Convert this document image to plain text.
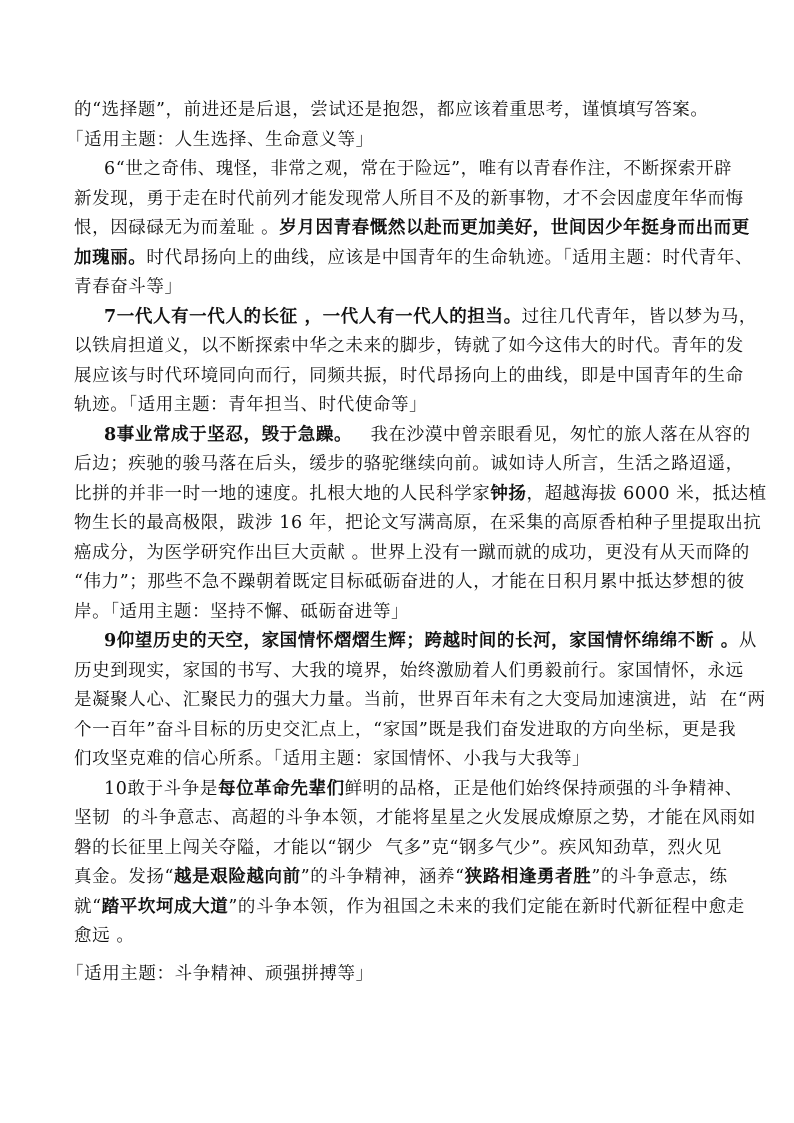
的“选择题”，前进还是后退，尝试还是抱怨，都应该着重思考，谨慎填写答案。
「适用主题：人生选择、生命意义等」

6“世之奇伟、瑰怪，非常之观，常在于险远”，唯有以青春作注，不断探索开辟
新发现，勇于走在时代前列才能发现常人所目不及的新事物，才不会因虚度年华而悔
恨，因碌碌无为而羞耻 。岁月因青春慨然以赴而更加美好，世间因少年挺身而出而更
加瑰丽。时代昂扬向上的曲线，应该是中国青年的生命轨迹。「适用主题：时代青年、
青春奋斗等」

7一代人有一代人的长征 ，一代人有一代人的担当。过往几代青年，皆以梦为马，
以铁肩担道义，以不断探索中华之未来的脚步，铸就了如今这伟大的时代。青年的发
展应该与时代环境同向而行，同频共振，时代昂扬向上的曲线，即是中国青年的生命
轨迹。「适用主题：青年担当、时代使命等」

8事业常成于坚忍，毁于急躁。   我在沙漠中曾亲眼看见，匆忙的旅人落在从容的
后边；疾驰的骏马落在后头，缓步的骆驼继续向前。诚如诗人所言，生活之路迢遥，
比拼的并非一时一地的速度。扎根大地的人民科学家钟扬，超越海拔 6000 米，抵达植
物生长的最高极限，跋涉 16 年，把论文写满高原，在采集的高原香柏种子里提取出抗
癌成分，为医学研究作出巨大贡献 。世界上没有一蹴而就的成功，更没有从天而降的
“伟力”；那些不急不躁朝着既定目标砥砺奋进的人，才能在日积月累中抵达梦想的彼
岸。「适用主题：坚持不懈、砥砺奋进等」

9仰望历史的天空，家国情怀熠熠生辉；跨越时间的长河，家国情怀绵绵不断 。从
历史到现实，家国的书写、大我的境界，始终激励着人们勇毅前行。家国情怀，永远
是凝聚人心、汇聚民力的强大力量。当前，世界百年未有之大变局加速演进，站  在“两
个一百年”奋斗目标的历史交汇点上，“家国”既是我们奋发进取的方向坐标，更是我
们攻坚克难的信心所系。「适用主题：家国情怀、小我与大我等」

10敢于斗争是每位革命先辈们鲜明的品格，正是他们始终保持顽强的斗争精神、
坚韧  的斗争意志、高超的斗争本领，才能将星星之火发展成燎原之势，才能在风雨如
磐的长征里上闯关夺隘，才能以“钢少  气多”克“钢多气少”。疾风知劲草，烈火见
真金。发扬“越是艰险越向前”的斗争精神，涵养“狭路相逢勇者胜”的斗争意志，练
就“踏平坎坷成大道”的斗争本领，作为祖国之未来的我们定能在新时代新征程中愈走
愈远 。
「适用主题：斗争精神、顽强拼搏等」
